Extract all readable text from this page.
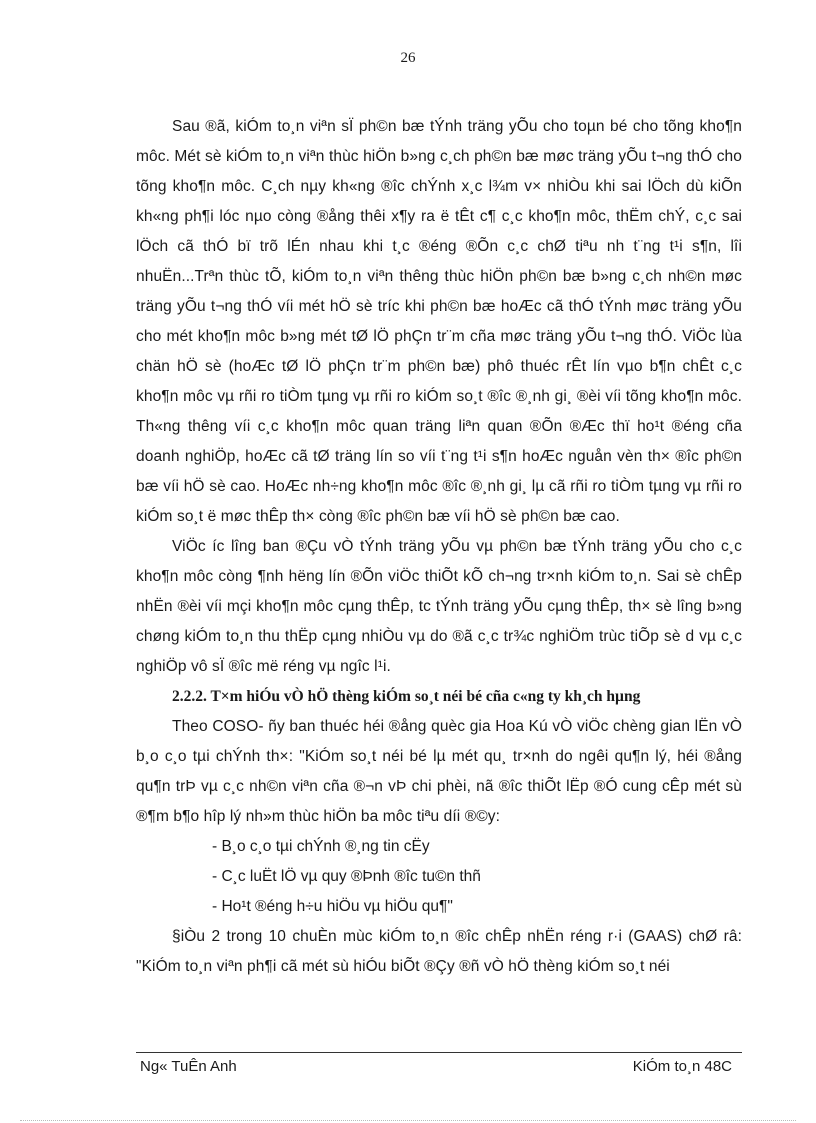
26

Sau ®ã, kiÓm to¸n viªn sÏ ph©n bæ tÝnh träng yÕu cho toµn bé cho tõng kho¶n môc. Mét sè kiÓm to¸n viªn thùc hiÖn b»ng c¸ch ph©n bæ møc träng yÕu t¬ng thÓ cho tõng kho¶n môc. C¸ch nµy kh«ng ®îc chÝnh x¸c l¾m v× nhiÒu khi sai lÖch dù kiÕn kh«ng ph¶i lóc nµo còng ®ång thêi x¶y ra ë tÊt c¶ c¸c kho¶n môc, thËm chÝ, c¸c sai lÖch cã thÓ bï trõ lÉn nhau khi t¸c ®éng ®Õn c¸c chØ tiªu nh t¨ng t¹i s¶n, lîi nhuËn...Trªn thùc tÕ, kiÓm to¸n viªn thêng thùc hiÖn ph©n bæ b»ng c¸ch nh©n møc träng yÕu t¬ng thÓ víi mét hÖ sè tríc khi ph©n bæ hoÆc cã thÓ tÝnh møc träng yÕu cho mét kho¶n môc b»ng mét tØ lÖ phÇn tr¨m cña møc träng yÕu t¬ng thÓ. ViÖc lùa chän hÖ sè (hoÆc tØ lÖ phÇn tr¨m ph©n bæ) phô thuéc rÊt lín vµo b¶n chÊt c¸c kho¶n môc vµ rñi ro tiÒm tµng vµ rñi ro kiÓm so¸t ®îc ®¸nh gi¸ ®èi víi tõng kho¶n môc. Th«ng thêng víi c¸c kho¶n môc quan träng liªn quan ®Õn ®Æc thï ho¹t ®éng cña doanh nghiÖp, hoÆc cã tØ träng lín so víi t¨ng t¹i s¶n hoÆc nguån vèn th× ®îc ph©n bæ víi hÖ sè cao. HoÆc nh÷ng kho¶n môc ®îc ®¸nh gi¸ lµ cã rñi ro tiÒm tµng vµ rñi ro kiÓm so¸t ë møc thÊp th× còng ®îc ph©n bæ víi hÖ sè ph©n bæ cao.

ViÖc íc lîng ban ®Çu vÒ tÝnh träng yÕu vµ ph©n bæ tÝnh träng yÕu cho c¸c kho¶n môc còng ¶nh hëng lín ®Õn viÖc thiÕt kÕ ch¬ng tr×nh kiÓm to¸n. Sai sè chÊp nhËn ®èi víi mçi kho¶n môc cµng thÊp, tc tÝnh träng yÕu cµng thÊp, th× sè lîng b»ng chøng kiÓm to¸n thu thËp cµng nhiÒu vµ do ®ã c¸c tr¾c nghiÖm trùc tiÕp sè d vµ c¸c nghiÖp vô sÏ ®îc më réng vµ ngîc l¹i.

2.2.2. T×m hiÓu vÒ hÖ thèng kiÓm so¸t néi bé cña c«ng ty kh¸ch hµng

Theo COSO- ñy ban thuéc héi ®ång quèc gia Hoa Kú vÒ viÖc chèng gian lËn vÒ b¸o c¸o tµi chÝnh th×: "KiÓm so¸t néi bé lµ mét qu¸ tr×nh do ngêi qu¶n lý, héi ®ång qu¶n trÞ vµ c¸c nh©n viªn cña ®¬n vÞ chi phèi, nã ®îc thiÕt lËp ®Ó cung cÊp mét sù ®¶m b¶o hîp lý nh»m thùc hiÖn ba môc tiªu díi ®©y:

- B¸o c¸o tµi chÝnh ®¸ng tin cËy

- C¸c luËt lÖ vµ quy ®Þnh ®îc tu©n thñ

- Ho¹t ®éng h÷u hiÖu vµ hiÖu qu¶"

§iÒu 2 trong 10 chuÈn mùc kiÓm to¸n ®îc chÊp nhËn réng r·i (GAAS) chØ râ: "KiÓm to¸n viªn ph¶i cã mét sù hiÓu biÕt ®Çy ®ñ vÒ hÖ thèng kiÓm so¸t néi

Ng« TuÊn Anh	KiÓm to¸n 48C
